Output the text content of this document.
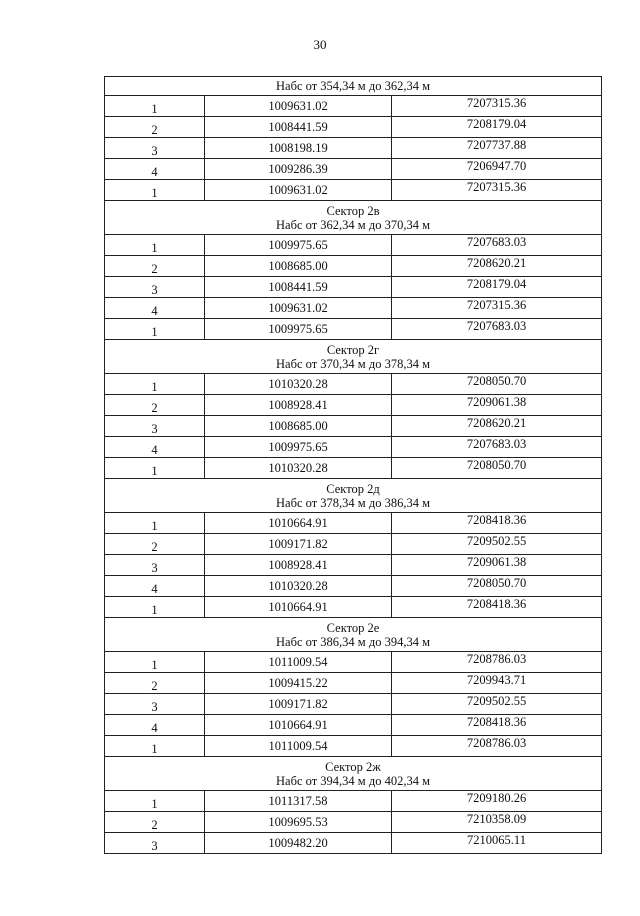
30
Набс от 354,34 м до 362,34 м		

1	1009631.02	7207315.36
2	1008441.59	7208179.04
3	1008198.19	7207737.88
4	1009286.39	7206947.70
1	1009631.02	7207315.36

Сектор 2в
Набс от 362,34 м до 370,34 м		

1	1009975.65	7207683.03
2	1008685.00	7208620.21
3	1008441.59	7208179.04
4	1009631.02	7207315.36
1	1009975.65	7207683.03

Сектор 2г
Набс от 370,34 м до 378,34 м		

1	1010320.28	7208050.70
2	1008928.41	7209061.38
3	1008685.00	7208620.21
4	1009975.65	7207683.03
1	1010320.28	7208050.70

Сектор 2д
Набс от 378,34 м до 386,34 м		

1	1010664.91	7208418.36
2	1009171.82	7209502.55
3	1008928.41	7209061.38
4	1010320.28	7208050.70
1	1010664.91	7208418.36

Сектор 2е
Набс от 386,34 м до 394,34 м		

1	1011009.54	7208786.03
2	1009415.22	7209943.71
3	1009171.82	7209502.55
4	1010664.91	7208418.36
1	1011009.54	7208786.03

Сектор 2ж
Набс от 394,34 м до 402,34 м		

1	1011317.58	7209180.26
2	1009695.53	7210358.09
3	1009482.20	7210065.11
